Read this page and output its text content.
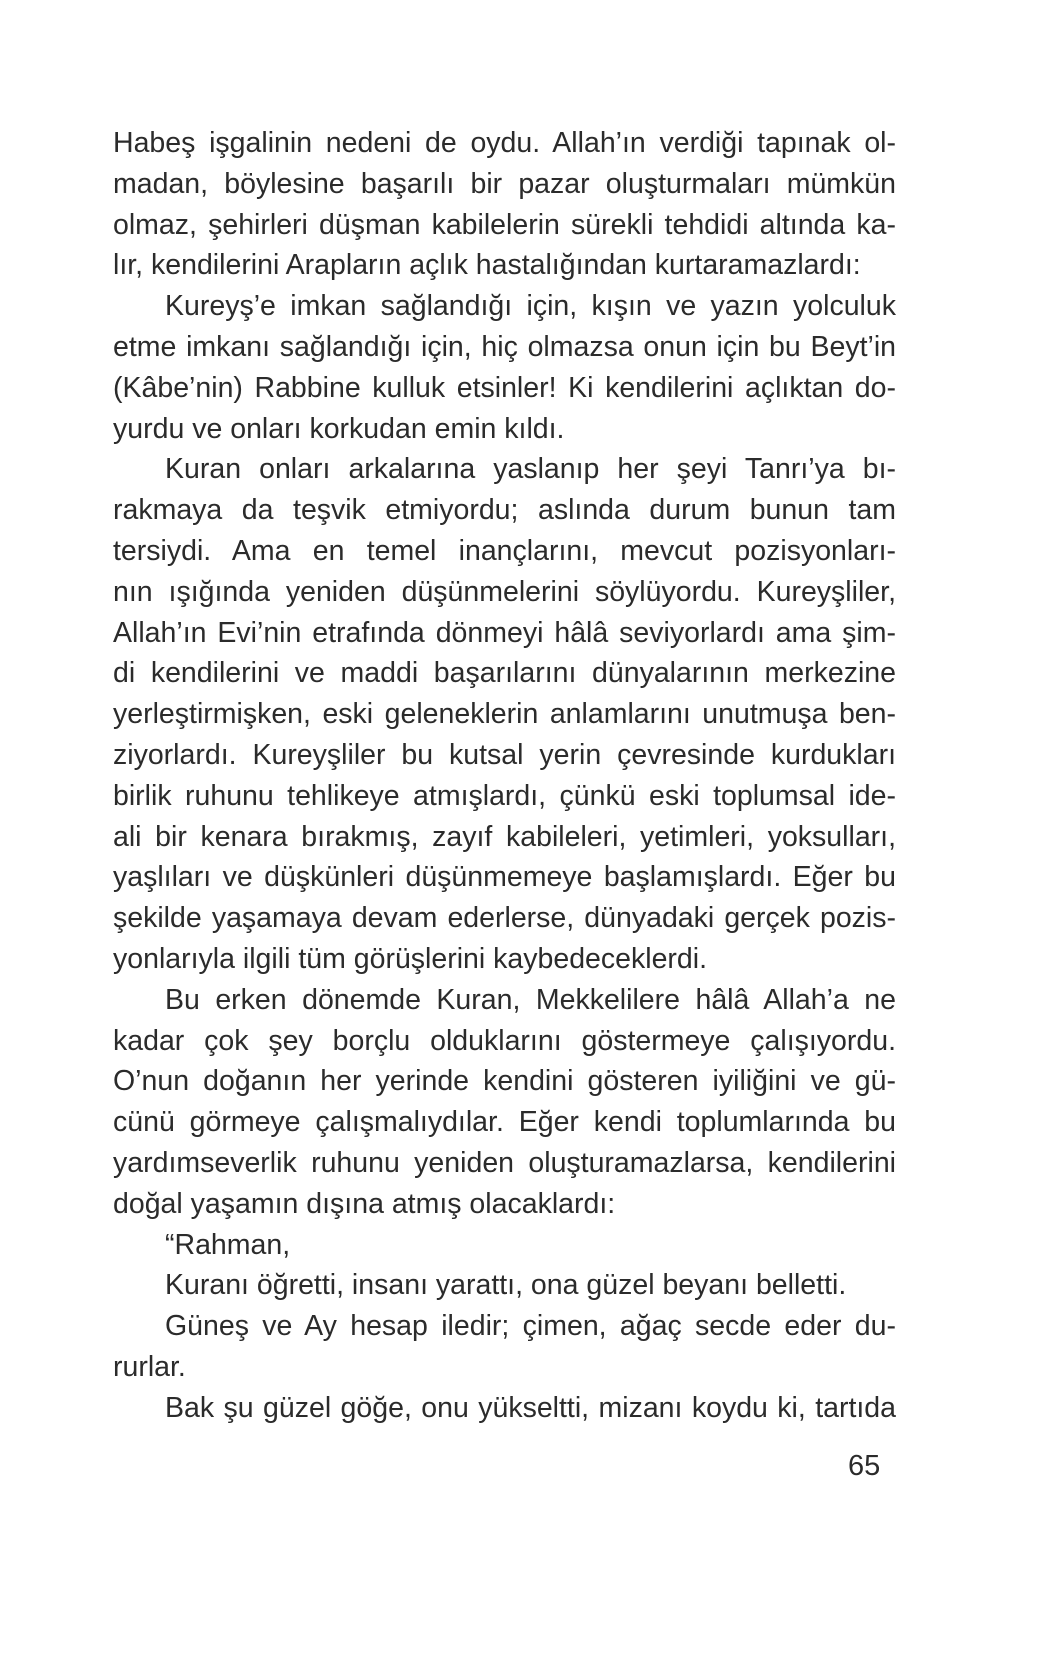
Habeş işgalinin nedeni de oydu. Allah’ın verdiği tapınak ol-
madan, böylesine başarılı bir pazar oluşturmaları mümkün
olmaz, şehirleri düşman kabilelerin sürekli tehdidi altında ka-
lır, kendilerini Arapların açlık hastalığından kurtaramazlardı:
Kureyş’e imkan sağlandığı için, kışın ve yazın yolculuk
etme imkanı sağlandığı için, hiç olmazsa onun için bu Beyt’in
(Kâbe’nin) Rabbine kulluk etsinler! Ki kendilerini açlıktan do-
yurdu ve onları korkudan emin kıldı.
Kuran onları arkalarına yaslanıp her şeyi Tanrı’ya bı-
rakmaya da teşvik etmiyordu; aslında durum bunun tam
tersiydi. Ama en temel inançlarını, mevcut pozisyonları-
nın ışığında yeniden düşünmelerini söylüyordu. Kureyşliler,
Allah’ın Evi’nin etrafında dönmeyi hâlâ seviyorlardı ama şim-
di kendilerini ve maddi başarılarını dünyalarının merkezine
yerleştirmişken, eski geleneklerin anlamlarını unutmuşa ben-
ziyorlardı. Kureyşliler bu kutsal yerin çevresinde kurdukları
birlik ruhunu tehlikeye atmışlardı, çünkü eski toplumsal ide-
ali bir kenara bırakmış, zayıf kabileleri, yetimleri, yoksulları,
yaşlıları ve düşkünleri düşünmemeye başlamışlardı. Eğer bu
şekilde yaşamaya devam ederlerse, dünyadaki gerçek pozis-
yonlarıyla ilgili tüm görüşlerini kaybedeceklerdi.
Bu erken dönemde Kuran, Mekkelilere hâlâ Allah’a ne
kadar çok şey borçlu olduklarını göstermeye çalışıyordu.
O’nun doğanın her yerinde kendini gösteren iyiliğini ve gü-
cünü görmeye çalışmalıydılar. Eğer kendi toplumlarında bu
yardımseverlik ruhunu yeniden oluşturamazlarsa, kendilerini
doğal yaşamın dışına atmış olacaklardı:
“Rahman,
Kuranı öğretti, insanı yarattı, ona güzel beyanı belletti.
Güneş ve Ay hesap iledir; çimen, ağaç secde eder du-
rurlar.
Bak şu güzel göğe, onu yükseltti, mizanı koydu ki, tartıda
65
